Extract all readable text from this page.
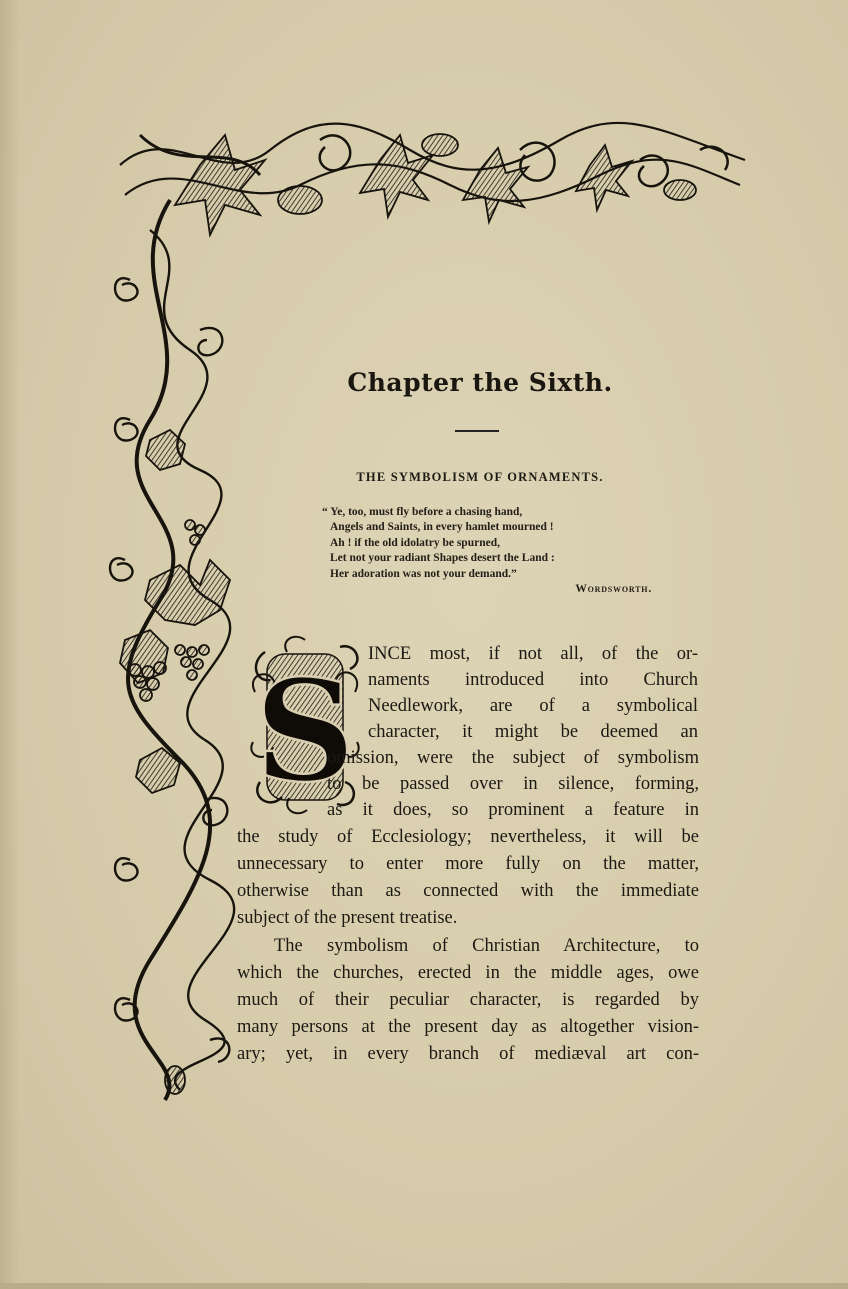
Chapter the Sixth.
THE SYMBOLISM OF ORNAMENTS.
“ Ye, too, must fly before a chasing hand,
Angels and Saints, in every hamlet mourned !
Ah ! if the old idolatry be spurned,
Let not your radiant Shapes desert the Land :
Her adoration was not your demand.”
Wordsworth.
S INCE most, if not all, of the or-
naments introduced into Church
Needlework, are of a symbolical
character, it might be deemed an
omission, were the subject of symbolism
to be passed over in silence, forming,
as it does, so prominent a feature in
the study of Ecclesiology; nevertheless, it will be
unnecessary to enter more fully on the matter,
otherwise than as connected with the immediate
subject of the present treatise.
The symbolism of Christian Architecture, to
which the churches, erected in the middle ages, owe
much of their peculiar character, is regarded by
many persons at the present day as altogether vision-
ary; yet, in every branch of mediæval art con-
